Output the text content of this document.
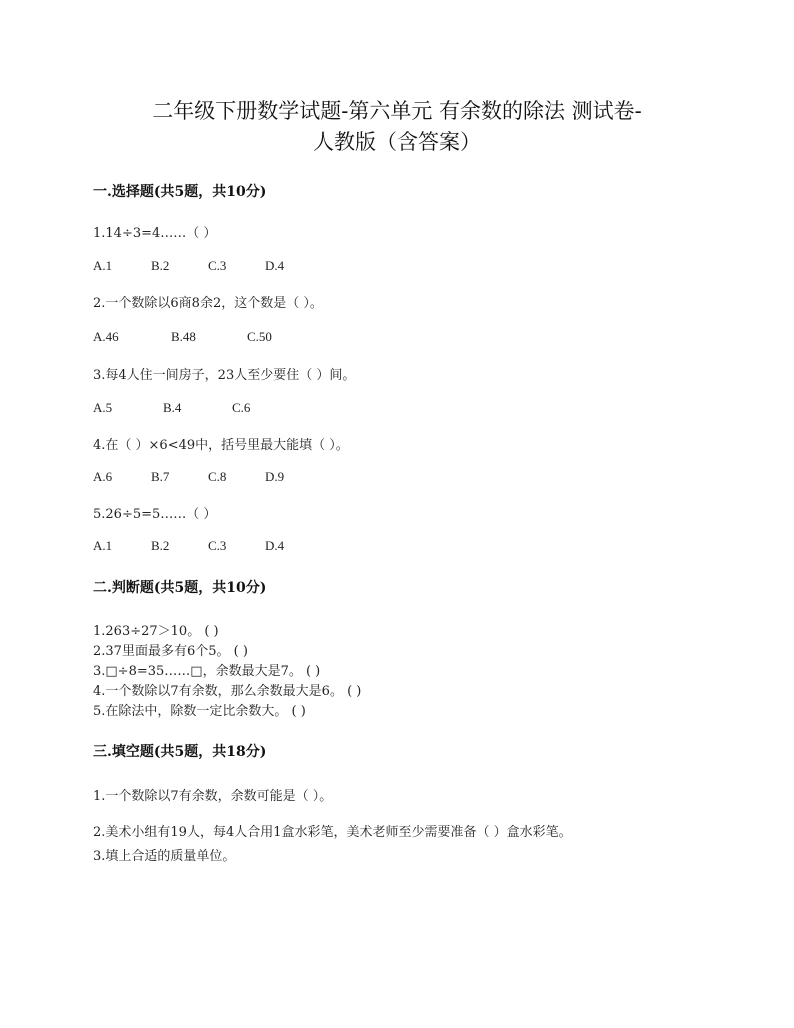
二年级下册数学试题-第六单元 有余数的除法 测试卷-
人教版（含答案）
一.选择题(共5题，共10分)
1.14÷3=4……（ ）
A.1	B.2	C.3	D.4
2.一个数除以6商8余2，这个数是（ ）。
A.46	B.48	C.50
3.每4人住一间房子，23人至少要住（ ）间。
A.5	B.4	C.6
4.在（ ）×6<49中，括号里最大能填（ ）。
A.6	B.7	C.8	D.9
5.26÷5=5……（ ）
A.1	B.2	C.3	D.4
二.判断题(共5题，共10分)
1.263÷27＞10。 ( )
2.37里面最多有6个5。 ( )
3.□÷8=35……□，余数最大是7。 ( )
4.一个数除以7有余数，那么余数最大是6。 ( )
5.在除法中，除数一定比余数大。 ( )
三.填空题(共5题，共18分)
1.一个数除以7有余数，余数可能是（ ）。
2.美术小组有19人，每4人合用1盒水彩笔，美术老师至少需要准备（ ）盒水彩笔。
3.填上合适的质量单位。
